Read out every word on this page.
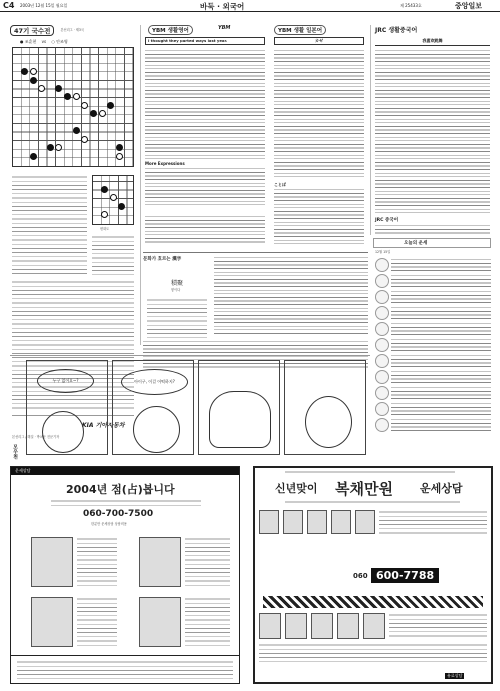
C4 2003년 12월 15일 월요일	바둑 · 외국어	제 25433호	중앙일보
47기 국수전	본선리그 · 제3국
● 조훈현 vs ○ 안조영
변화도
KIA 기아자동차
본선리그 / 해설 · 박치문 전문기자
YBM 생활영어	YBM
I thought they parted ways last year.
More Expressions
YBM 생활 일본어
カゼ
ことば
JRC 생활중국어
我喜欢跳舞
JRC 중국어
문화가 흐르는 漢字
積聚
쌓이다
오늘의 운세
12월 15일
모우천
누구 없어요~?	아이구, 이걸 어떡하지?
운세상담
2004년 점(占)봅니다
060-700-7500
한분만 운세상담 상담비용
신년맞이 복채만원 운세상담
060 600-7788
유료상담
